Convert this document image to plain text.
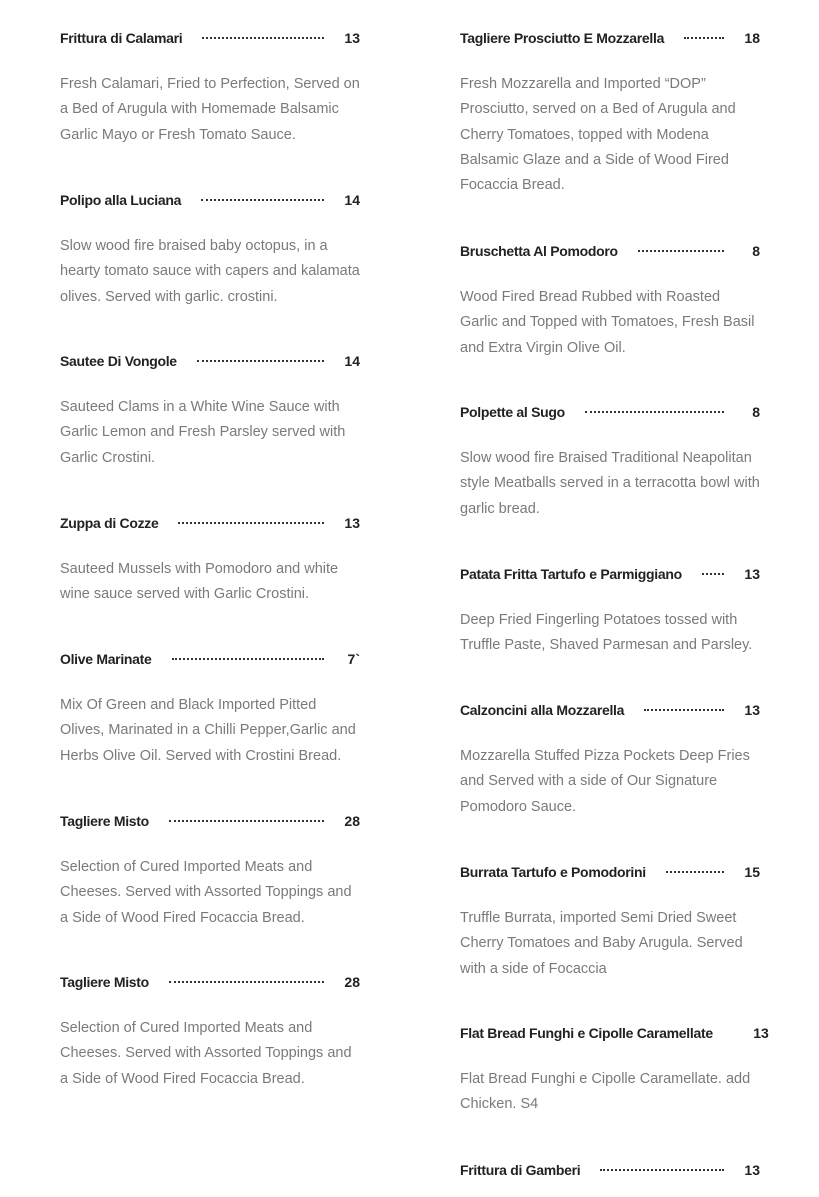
Frittura di Calamari	13

Fresh Calamari, Fried to Perfection, Served on a Bed of Arugula with Homemade Balsamic Garlic Mayo or Fresh Tomato Sauce.

Polipo alla Luciana	14

Slow wood fire braised baby octopus, in a hearty tomato sauce with capers and kalamata olives. Served with garlic. crostini.

Sautee Di Vongole	14

Sauteed Clams in a White Wine Sauce with Garlic Lemon and Fresh Parsley served with Garlic Crostini.

Zuppa di Cozze	13

Sauteed Mussels with Pomodoro and white wine sauce served with Garlic Crostini.

Olive Marinate	7`

Mix Of Green and Black Imported Pitted Olives, Marinated in a Chilli Pepper,Garlic and Herbs Olive Oil. Served with Crostini Bread.

Tagliere Misto	28

Selection of Cured Imported Meats and Cheeses. Served with Assorted Toppings and a Side of Wood Fired Focaccia Bread.

Tagliere Misto	28

Selection of Cured Imported Meats and Cheeses. Served with Assorted Toppings and a Side of Wood Fired Focaccia Bread.

Tagliere Prosciutto E Mozzarella	18

Fresh Mozzarella and Imported “DOP” Prosciutto, served on a Bed of Arugula and Cherry Tomatoes, topped with Modena Balsamic Glaze and a Side of Wood Fired Focaccia Bread.

Bruschetta Al Pomodoro	8

Wood Fired Bread Rubbed with Roasted Garlic and Topped with Tomatoes, Fresh Basil and Extra Virgin Olive Oil.

Polpette al Sugo	8

Slow wood fire Braised Traditional Neapolitan style Meatballs served in a terracotta bowl with garlic bread.

Patata Fritta Tartufo e Parmiggiano	13

Deep Fried Fingerling Potatoes tossed with Truffle Paste, Shaved Parmesan and Parsley.

Calzoncini alla Mozzarella	13

Mozzarella Stuffed Pizza Pockets Deep Fries and Served with a side of Our Signature Pomodoro Sauce.

Burrata Tartufo e Pomodorini	15

Truffle Burrata, imported Semi Dried Sweet Cherry Tomatoes and Baby Arugula. Served with a side of Focaccia

Flat Bread Funghi e Cipolle Caramellate	13

Flat Bread Funghi e Cipolle Caramellate. add Chicken. S4

Frittura di Gamberi	13
